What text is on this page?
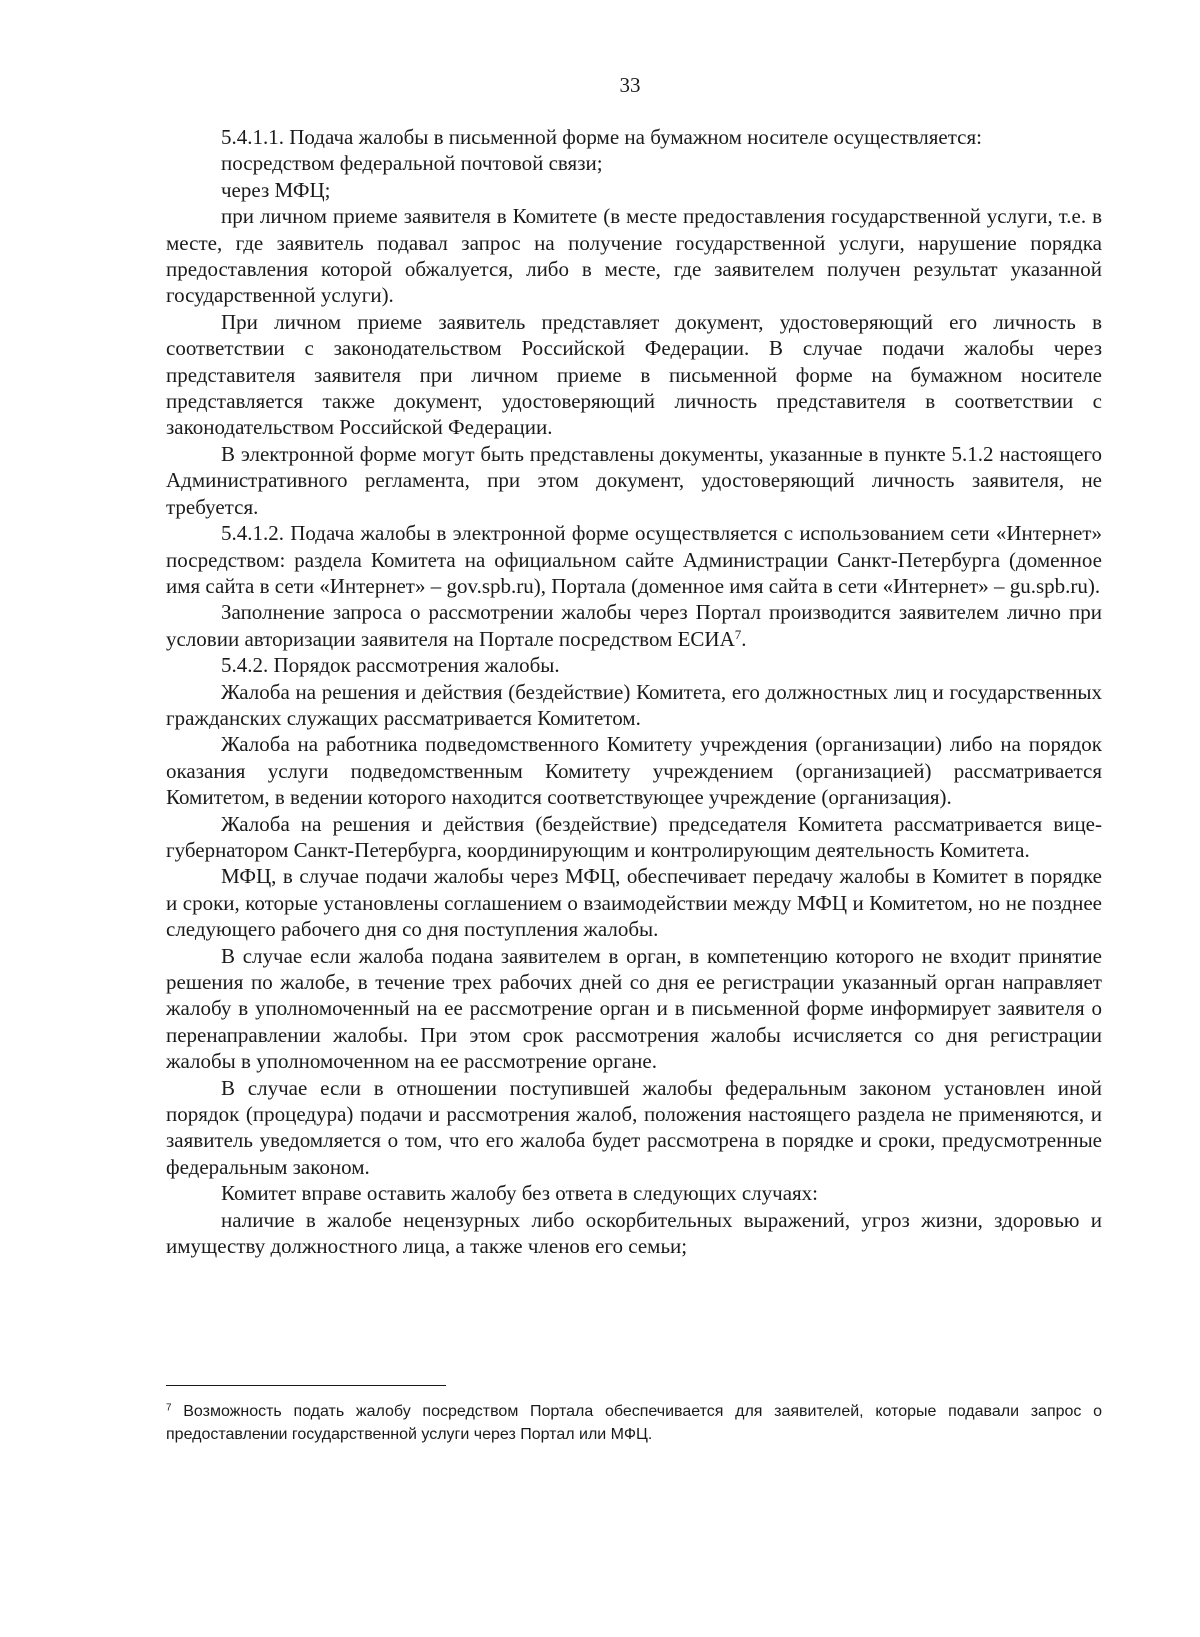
33

5.4.1.1. Подача жалобы в письменной форме на бумажном носителе осуществляется:

посредством федеральной почтовой связи;

через МФЦ;

при личном приеме заявителя в Комитете (в месте предоставления государственной услуги, т.е. в месте, где заявитель подавал запрос на получение государственной услуги, нарушение порядка предоставления которой обжалуется, либо в месте, где заявителем получен результат указанной государственной услуги).

При личном приеме заявитель представляет документ, удостоверяющий его личность в соответствии с законодательством Российской Федерации. В случае подачи жалобы через представителя заявителя при личном приеме в письменной форме на бумажном носителе представляется также документ, удостоверяющий личность представителя в соответствии с законодательством Российской Федерации.

В электронной форме могут быть представлены документы, указанные в пункте 5.1.2 настоящего Административного регламента, при этом документ, удостоверяющий личность заявителя, не требуется.

5.4.1.2. Подача жалобы в электронной форме осуществляется с использованием сети «Интернет» посредством: раздела Комитета на официальном сайте Администрации Санкт-Петербурга (доменное имя сайта в сети «Интернет» – gov.spb.ru), Портала (доменное имя сайта в сети «Интернет» – gu.spb.ru).

Заполнение запроса о рассмотрении жалобы через Портал производится заявителем лично при условии авторизации заявителя на Портале посредством ЕСИА$^7$.

5.4.2. Порядок рассмотрения жалобы.

Жалоба на решения и действия (бездействие) Комитета, его должностных лиц и государственных гражданских служащих рассматривается Комитетом.

Жалоба на работника подведомственного Комитету учреждения (организации) либо на порядок оказания услуги подведомственным Комитету учреждением (организацией) рассматривается Комитетом, в ведении которого находится соответствующее учреждение (организация).

Жалоба на решения и действия (бездействие) председателя Комитета рассматривается вице-губернатором Санкт-Петербурга, координирующим и контролирующим деятельность Комитета.

МФЦ, в случае подачи жалобы через МФЦ, обеспечивает передачу жалобы в Комитет в порядке и сроки, которые установлены соглашением о взаимодействии между МФЦ и Комитетом, но не позднее следующего рабочего дня со дня поступления жалобы.

В случае если жалоба подана заявителем в орган, в компетенцию которого не входит принятие решения по жалобе, в течение трех рабочих дней со дня ее регистрации указанный орган направляет жалобу в уполномоченный на ее рассмотрение орган и в письменной форме информирует заявителя о перенаправлении жалобы. При этом срок рассмотрения жалобы исчисляется со дня регистрации жалобы в уполномоченном на ее рассмотрение органе.

В случае если в отношении поступившей жалобы федеральным законом установлен иной порядок (процедура) подачи и рассмотрения жалоб, положения настоящего раздела не применяются, и заявитель уведомляется о том, что его жалоба будет рассмотрена в порядке и сроки, предусмотренные федеральным законом.

Комитет вправе оставить жалобу без ответа в следующих случаях:

наличие в жалобе нецензурных либо оскорбительных выражений, угроз жизни, здоровью и имуществу должностного лица, а также членов его семьи;

$^7$ Возможность подать жалобу посредством Портала обеспечивается для заявителей, которые подавали запрос о предоставлении государственной услуги через Портал или МФЦ.
